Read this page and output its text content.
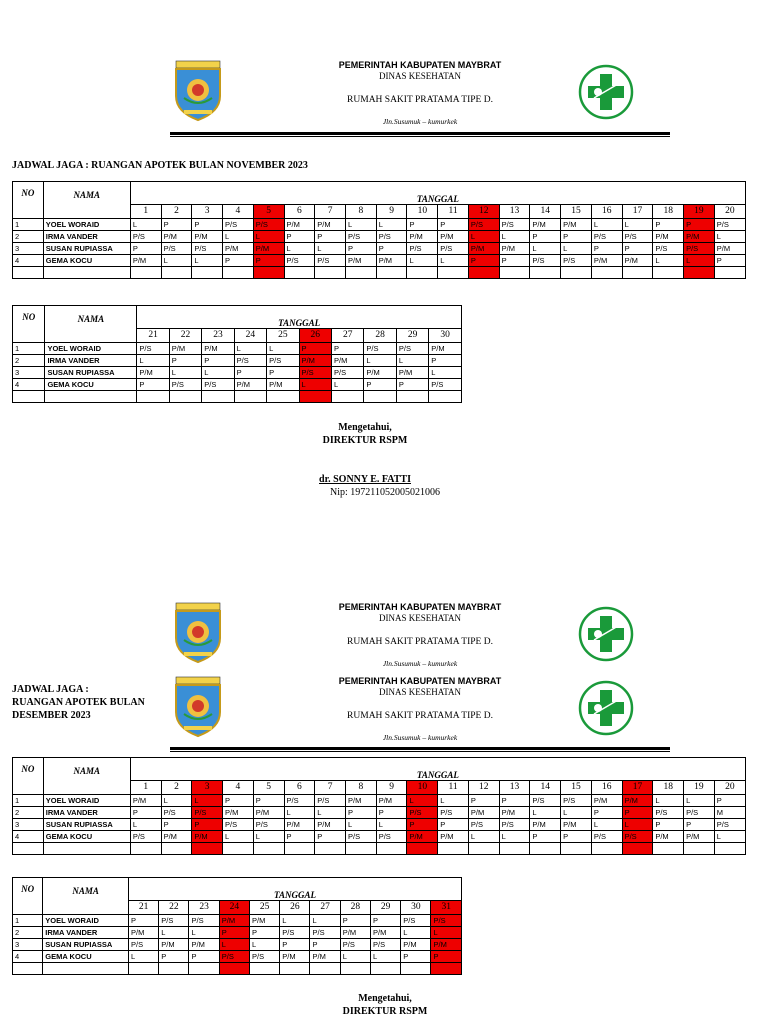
PEMERINTAH KABUPATEN MAYBRAT
DINAS KESEHATAN
RUMAH SAKIT PRATAMA TIPE D.
Jln.Susumuk – kumurkek
JADWAL JAGA : RUANGAN APOTEK BULAN NOVEMBER 2023
NO	NAMA	TANGGAL																			
		1	2	3	4	5	6	7	8	9	10	11	12	13	14	15	16	17	18	19	20
1	YOEL WORAID	L	P	P	P/S	P/S	P/M	P/M	L	L	P	P	P/S	P/S	P/M	P/M	L	L	P	P	P/S
2	IRMA VANDER	P/S	P/M	P/M	L	L	P	P	P/S	P/S	P/M	P/M	L	L	P	P	P/S	P/S	P/M	P/M	L
3	SUSAN RUPIASSA	P	P/S	P/S	P/M	P/M	L	L	P	P	P/S	P/S	P/M	P/M	L	L	P	P	P/S	P/S	P/M
4	GEMA KOCU	P/M	L	L	P	P	P/S	P/S	P/M	P/M	L	L	P	P	P/S	P/S	P/M	P/M	L	L	P

NO	NAMA	TANGGAL									
		21	22	23	24	25	26	27	28	29	30
1	YOEL WORAID	P/S	P/M	P/M	L	L	P	P	P/S	P/S	P/M
2	IRMA VANDER	L	P	P	P/S	P/S	P/M	P/M	L	L	P
3	SUSAN RUPIASSA	P/M	L	L	P	P	P/S	P/S	P/M	P/M	L
4	GEMA KOCU	P	P/S	P/S	P/M	P/M	L	L	P	P	P/S

Mengetahui,
DIREKTUR RSPM
dr. SONNY E. FATTI
Nip: 197211052005021006
PEMERINTAH KABUPATEN MAYBRAT
DINAS KESEHATAN
RUMAH SAKIT PRATAMA TIPE D.
Jln.Susumuk – kumurkek
PEMERINTAH KABUPATEN MAYBRAT
DINAS KESEHATAN
RUMAH SAKIT PRATAMA TIPE D.
Jln.Susumuk – kumurkek
JADWAL JAGA :
RUANGAN APOTEK BULAN
DESEMBER 2023
NO	NAMA	TANGGAL																			
		1	2	3	4	5	6	7	8	9	10	11	12	13	14	15	16	17	18	19	20
1	YOEL WORAID	P/M	L	L	P	P	P/S	P/S	P/M	P/M	L	L	P	P	P/S	P/S	P/M	P/M	L	L	P
2	IRMA VANDER	P	P/S	P/S	P/M	P/M	L	L	P	P	P/S	P/S	P/M	P/M	L	L	P	P	P/S	P/S	M
3	SUSAN RUPIASSA	L	P	P	P/S	P/S	P/M	P/M	L	L	P	P	P/S	P/S	P/M	P/M	L	L	P	P	P/S
4	GEMA KOCU	P/S	P/M	P/M	L	L	P	P	P/S	P/S	P/M	P/M	L	L	P	P	P/S	P/S	P/M	P/M	L

NO	NAMA	TANGGAL										
		21	22	23	24	25	26	27	28	29	30	31
1	YOEL WORAID	P	P/S	P/S	P/M	P/M	L	L	P	P	P/S	P/S
2	IRMA VANDER	P/M	L	L	P	P	P/S	P/S	P/M	P/M	L	L
3	SUSAN RUPIASSA	P/S	P/M	P/M	L	L	P	P	P/S	P/S	P/M	P/M
4	GEMA KOCU	L	P	P	P/S	P/S	P/M	P/M	L	L	P	P

Mengetahui,
DIREKTUR RSPM
